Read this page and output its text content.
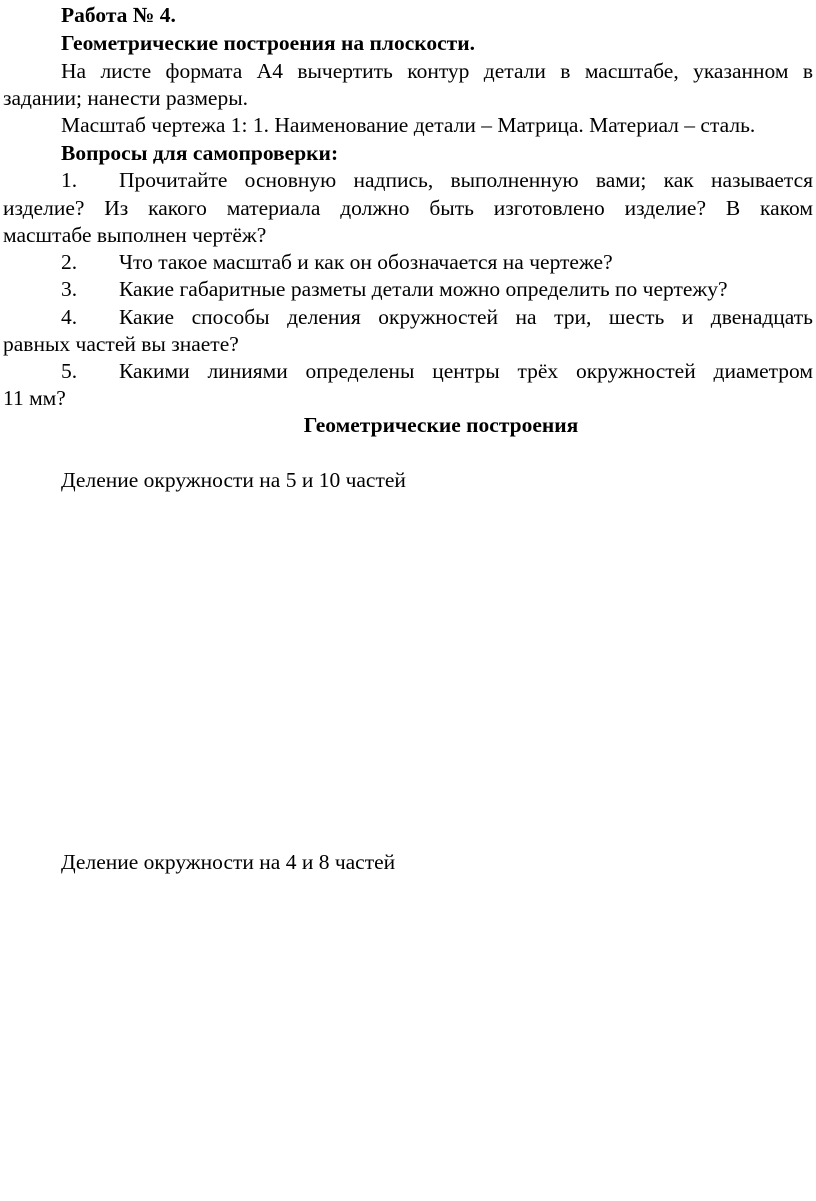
Работа № 4.
Геометрические построения на плоскости.
На листе формата А4 вычертить контур детали в масштабе, указанном в
задании; нанести размеры.
Масштаб чертежа 1: 1. Наименование детали – Матрица. Материал – сталь.
Вопросы для самопроверки:
1. Прочитайте основную надпись, выполненную вами; как называется
изделие? Из какого материала должно быть изготовлено изделие? В каком
масштабе выполнен чертёж?
2. Что такое масштаб и как он обозначается на чертеже?
3. Какие габаритные разметы детали можно определить по чертежу?
4. Какие способы деления окружностей на три, шесть и двенадцать
равных частей вы знаете?
5. Какими линиями определены центры трёх окружностей диаметром
11 мм?
Геометрические построения
Деление окружности на 5 и 10 частей
Деление окружности на 4 и 8 частей
